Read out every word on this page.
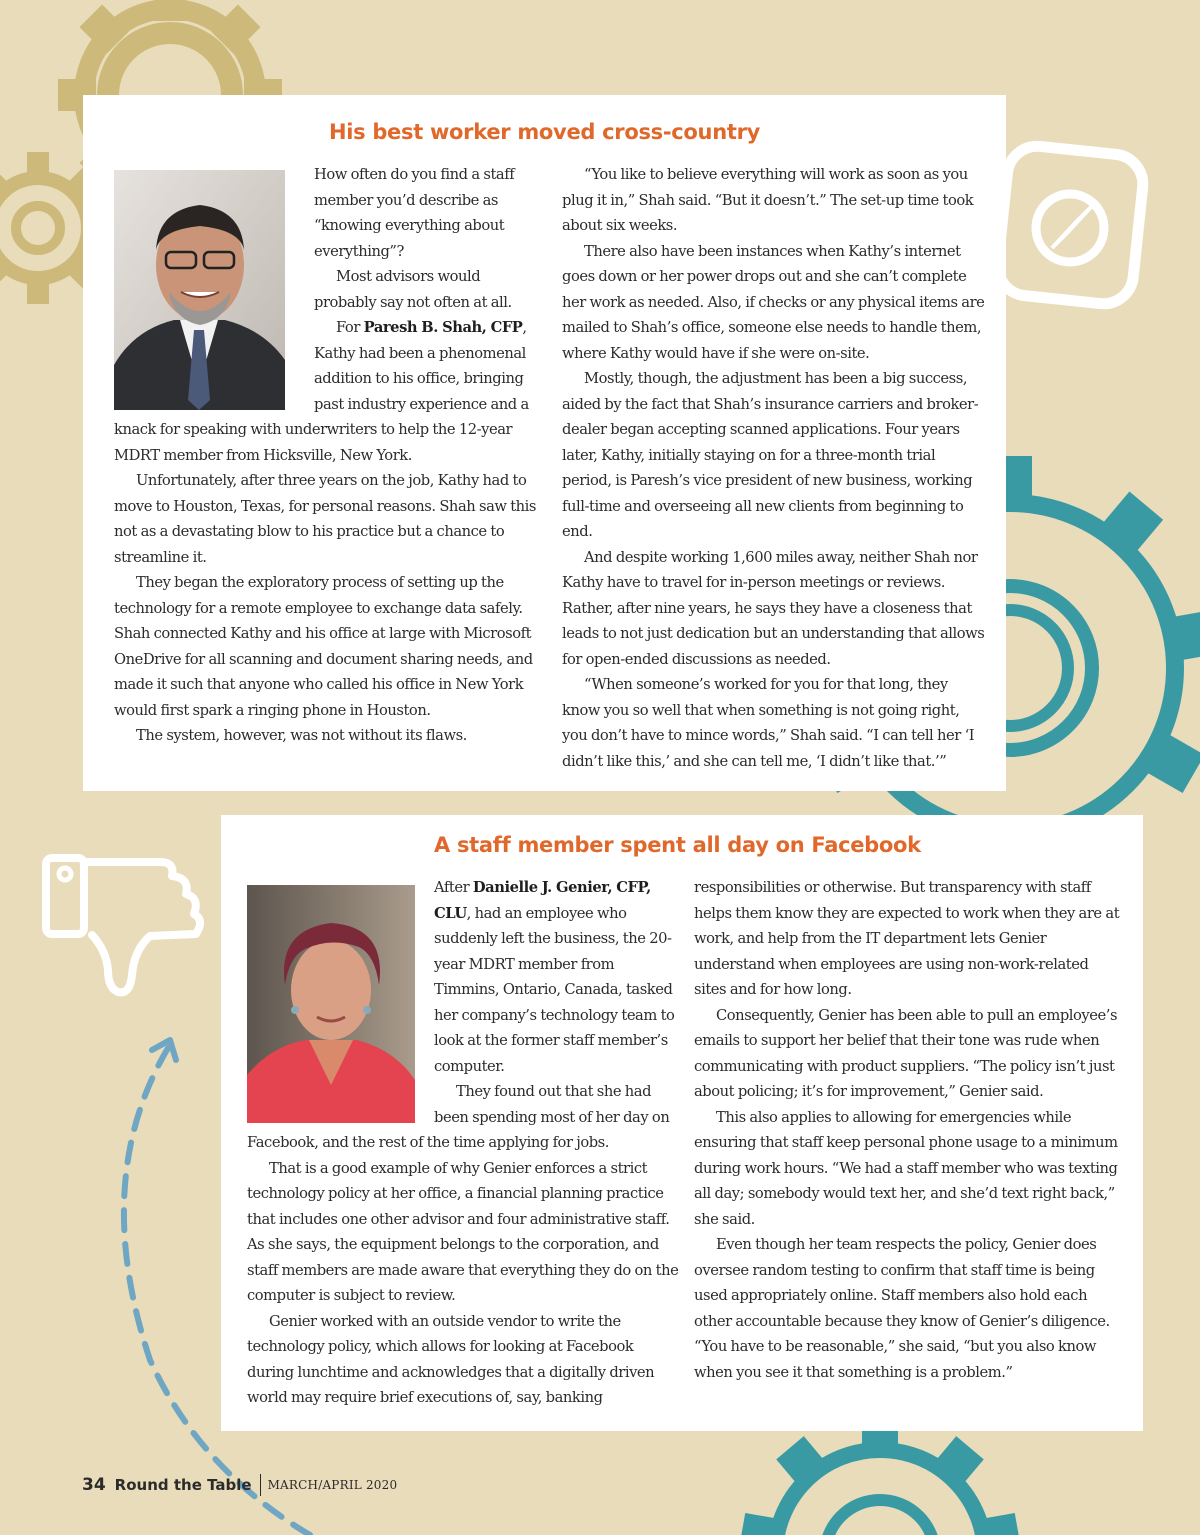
His best worker moved cross-country

How often do you find a staff member you’d describe as “knowing everything about everything”?

Most advisors would probably say not often at all.

For Paresh B. Shah, CFP, Kathy had been a phenomenal addition to his office, bringing past industry experience and a knack for speaking with underwriters to help the 12-year MDRT member from Hicksville, New York.

Unfortunately, after three years on the job, Kathy had to move to Houston, Texas, for personal reasons. Shah saw this not as a devastating blow to his practice but a chance to streamline it.

They began the exploratory process of setting up the technology for a remote employee to exchange data safely. Shah connected Kathy and his office at large with Microsoft OneDrive for all scanning and document sharing needs, and made it such that anyone who called his office in New York would first spark a ringing phone in Houston.

The system, however, was not without its flaws.

“You like to believe everything will work as soon as you plug it in,” Shah said. “But it doesn’t.” The set-up time took about six weeks.

There also have been instances when Kathy’s internet goes down or her power drops out and she can’t complete her work as needed. Also, if checks or any physical items are mailed to Shah’s office, someone else needs to handle them, where Kathy would have if she were on-site.

Mostly, though, the adjustment has been a big success, aided by the fact that Shah’s insurance carriers and broker-dealer began accepting scanned applications. Four years later, Kathy, initially staying on for a three-month trial period, is Paresh’s vice president of new business, working full-time and overseeing all new clients from beginning to end.

And despite working 1,600 miles away, neither Shah nor Kathy have to travel for in-person meetings or reviews. Rather, after nine years, he says they have a closeness that leads to not just dedication but an understanding that allows for open-ended discussions as needed.

“When someone’s worked for you for that long, they know you so well that when something is not going right, you don’t have to mince words,” Shah said. “I can tell her ‘I didn’t like this,’ and she can tell me, ‘I didn’t like that.’”

A staff member spent all day on Facebook

After Danielle J. Genier, CFP, CLU, had an employee who suddenly left the business, the 20-year MDRT member from Timmins, Ontario, Canada, tasked her company’s technology team to look at the former staff member’s computer.

They found out that she had been spending most of her day on Facebook, and the rest of the time applying for jobs.

That is a good example of why Genier enforces a strict technology policy at her office, a financial planning practice that includes one other advisor and four administrative staff. As she says, the equipment belongs to the corporation, and staff members are made aware that everything they do on the computer is subject to review.

Genier worked with an outside vendor to write the technology policy, which allows for looking at Facebook during lunchtime and acknowledges that a digitally driven world may require brief executions of, say, banking

responsibilities or otherwise. But transparency with staff helps them know they are expected to work when they are at work, and help from the IT department lets Genier understand when employees are using non-work-related sites and for how long.

Consequently, Genier has been able to pull an employee’s emails to support her belief that their tone was rude when communicating with product suppliers. “The policy isn’t just about policing; it’s for improvement,” Genier said.

This also applies to allowing for emergencies while ensuring that staff keep personal phone usage to a minimum during work hours. “We had a staff member who was texting all day; somebody would text her, and she’d text right back,” she said.

Even though her team respects the policy, Genier does oversee random testing to confirm that staff time is being used appropriately online. Staff members also hold each other accountable because they know of Genier’s diligence. “You have to be reasonable,” she said, “but you also know when you see it that something is a problem.”

34 Round the Table MARCH/APRIL 2020
